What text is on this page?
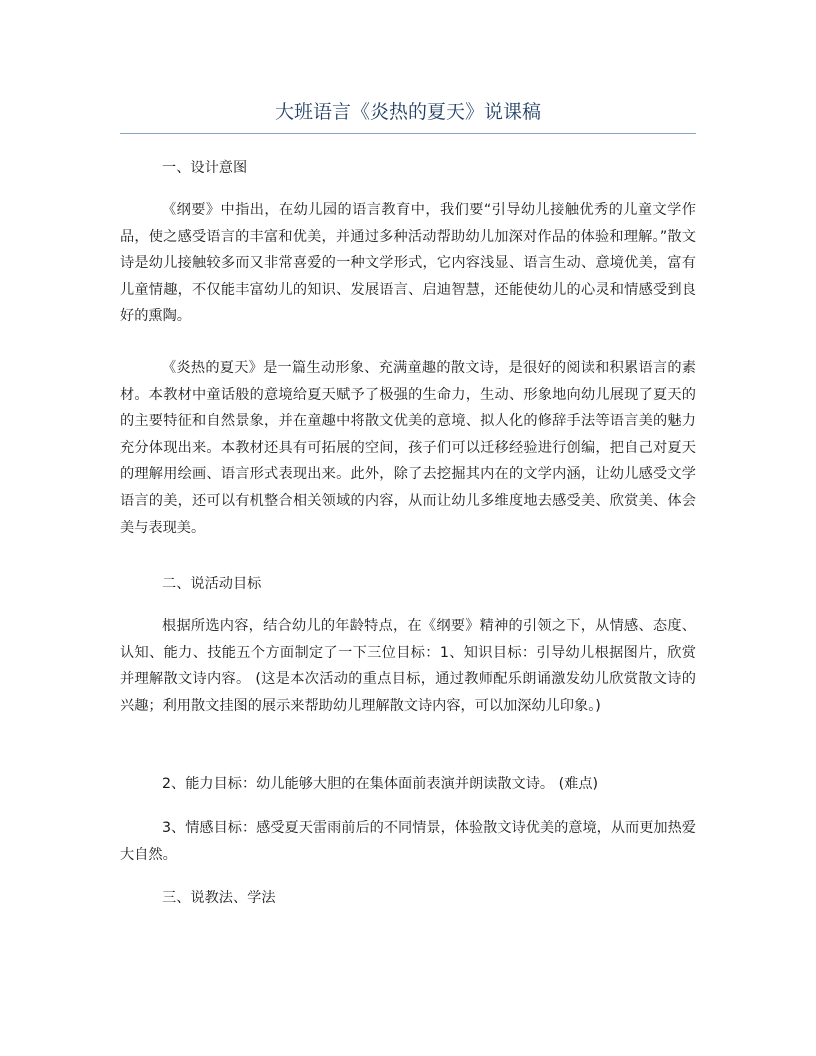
大班语言《炎热的夏天》说课稿
一、设计意图
《纲要》中指出，在幼儿园的语言教育中，我们要“引导幼儿接触优秀的儿童文学作品，使之感受语言的丰富和优美，并通过多种活动帮助幼儿加深对作品的体验和理解。”散文诗是幼儿接触较多而又非常喜爱的一种文学形式，它内容浅显、语言生动、意境优美，富有儿童情趣，不仅能丰富幼儿的知识、发展语言、启迪智慧，还能使幼儿的心灵和情感受到良好的熏陶。
《炎热的夏天》是一篇生动形象、充满童趣的散文诗，是很好的阅读和积累语言的素材。本教材中童话般的意境给夏天赋予了极强的生命力，生动、形象地向幼儿展现了夏天的的主要特征和自然景象，并在童趣中将散文优美的意境、拟人化的修辞手法等语言美的魅力充分体现出来。本教材还具有可拓展的空间，孩子们可以迁移经验进行创编，把自己对夏天的理解用绘画、语言形式表现出来。此外，除了去挖掘其内在的文学内涵，让幼儿感受文学语言的美，还可以有机整合相关领域的内容，从而让幼儿多维度地去感受美、欣赏美、体会美与表现美。
二、说活动目标
根据所选内容，结合幼儿的年龄特点，在《纲要》精神的引领之下，从情感、态度、认知、能力、技能五个方面制定了一下三位目标：1、知识目标：引导幼儿根据图片，欣赏并理解散文诗内容。 (这是本次活动的重点目标，通过教师配乐朗诵激发幼儿欣赏散文诗的兴趣；利用散文挂图的展示来帮助幼儿理解散文诗内容，可以加深幼儿印象。)
2、能力目标：幼儿能够大胆的在集体面前表演并朗读散文诗。 (难点)
3、情感目标：感受夏天雷雨前后的不同情景，体验散文诗优美的意境，从而更加热爱大自然。
三、说教法、学法
